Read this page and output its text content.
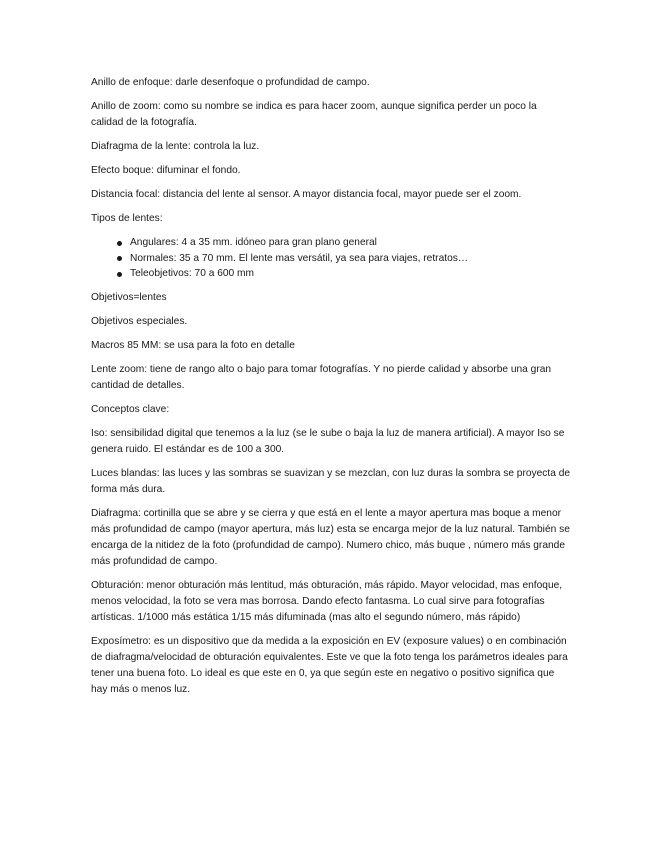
Anillo de enfoque: darle desenfoque o profundidad de campo.

Anillo de zoom: como su nombre se indica es para hacer zoom, aunque significa perder un poco la calidad de la fotografía.

Diafragma de la lente: controla la luz.

Efecto boque: difuminar el fondo.

Distancia focal: distancia del lente al sensor. A mayor distancia focal, mayor puede ser el zoom.

Tipos de lentes:

Angulares: 4 a 35 mm. idóneo para gran plano general
Normales: 35 a 70 mm. El lente mas versátil, ya sea para viajes, retratos…
Teleobjetivos: 70 a 600 mm

Objetivos=lentes

Objetivos especiales.

Macros 85 MM: se usa para la foto en detalle

Lente zoom: tiene de rango alto o bajo para tomar fotografías. Y no pierde calidad y absorbe una gran cantidad de detalles.

Conceptos clave:

Iso: sensibilidad digital que tenemos a la luz (se le sube o baja la luz de manera artificial). A mayor Iso se genera ruido. El estándar es de 100 a 300.

Luces blandas: las luces y las sombras se suavizan y se mezclan, con luz duras la sombra se proyecta de forma más dura.

Diafragma: cortinilla que se abre y se cierra y que está en el lente a mayor apertura mas boque a menor más profundidad de campo (mayor apertura, más luz) esta se encarga mejor de la luz natural. También se encarga de la nitidez de la foto (profundidad de campo). Numero chico, más buque , número más grande más profundidad de campo.

Obturación: menor obturación más lentitud, más obturación, más rápido. Mayor velocidad, mas enfoque, menos velocidad, la foto se vera mas borrosa. Dando efecto fantasma. Lo cual sirve para fotografías artísticas. 1/1000 más estática 1/15 más difuminada (mas alto el segundo número, más rápido)

Exposímetro: es un dispositivo que da medida a la exposición en EV (exposure values) o en combinación de diafragma/velocidad de obturación equivalentes. Este ve que la foto tenga los parámetros ideales para tener una buena foto. Lo ideal es que este en 0, ya que según este en negativo o positivo significa que hay más o menos luz.
